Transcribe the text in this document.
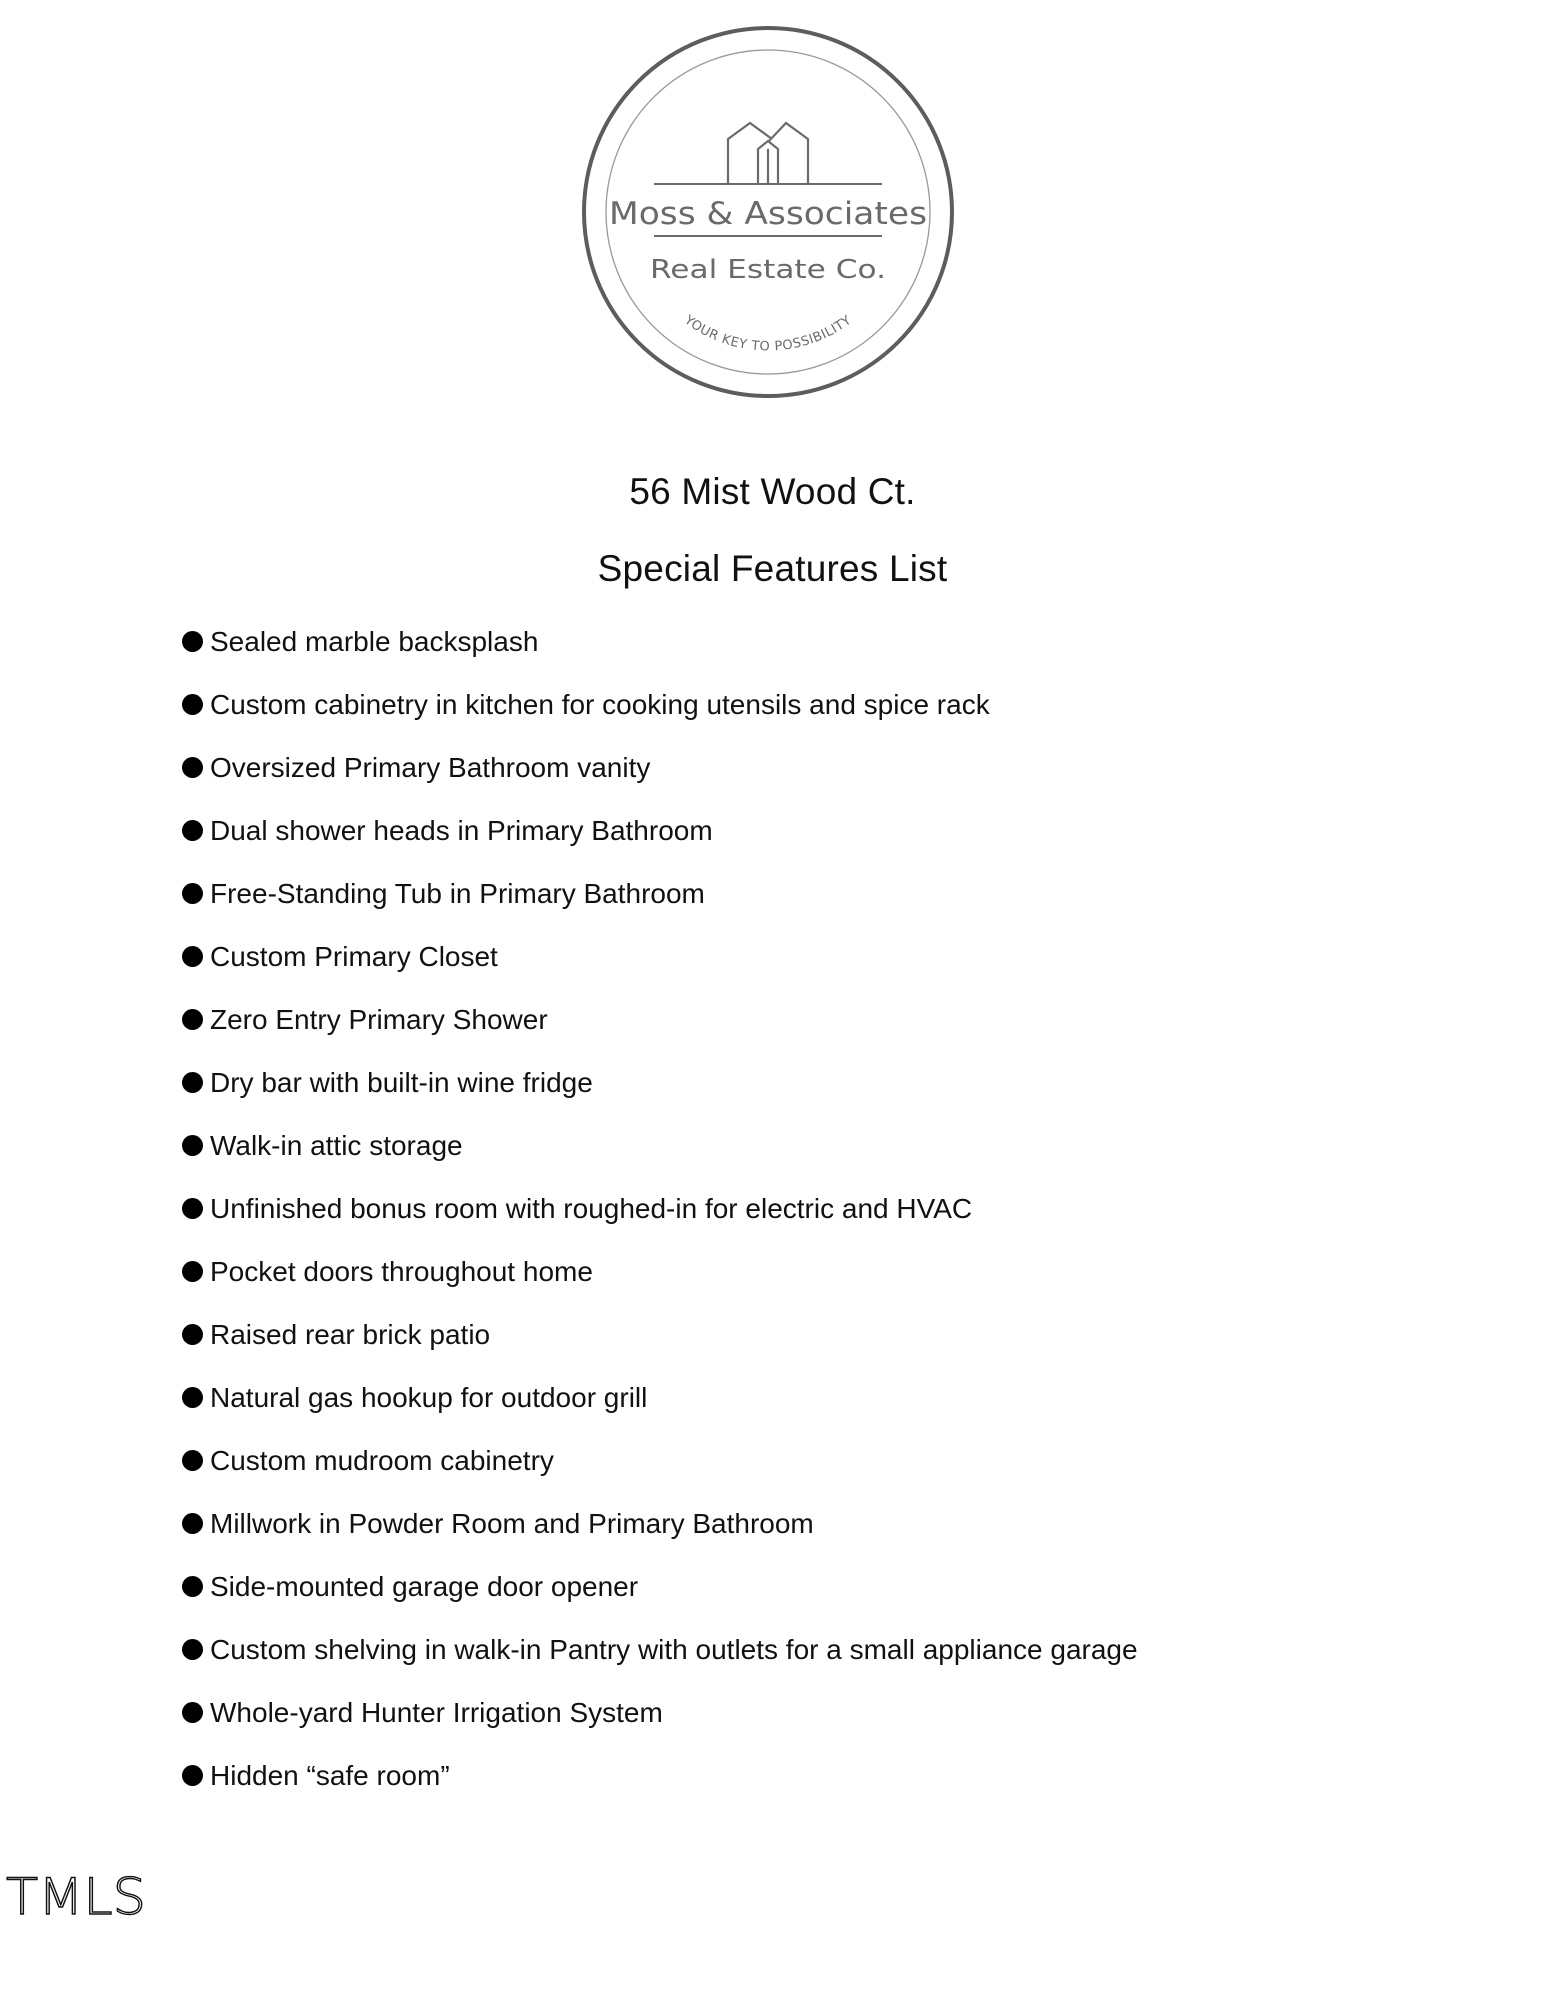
Moss & Associates
Real Estate Co.
YOUR KEY TO POSSIBILITY
56 Mist Wood Ct.
Special Features List
Sealed marble backsplash
Custom cabinetry in kitchen for cooking utensils and spice rack
Oversized Primary Bathroom vanity
Dual shower heads in Primary Bathroom
Free-Standing Tub in Primary Bathroom
Custom Primary Closet
Zero Entry Primary Shower
Dry bar with built-in wine fridge
Walk-in attic storage
Unfinished bonus room with roughed-in for electric and HVAC
Pocket doors throughout home
Raised rear brick patio
Natural gas hookup for outdoor grill
Custom mudroom cabinetry
Millwork in Powder Room and Primary Bathroom
Side-mounted garage door opener
Custom shelving in walk-in Pantry with outlets for a small appliance garage
Whole-yard Hunter Irrigation System
Hidden “safe room”
TMLS
